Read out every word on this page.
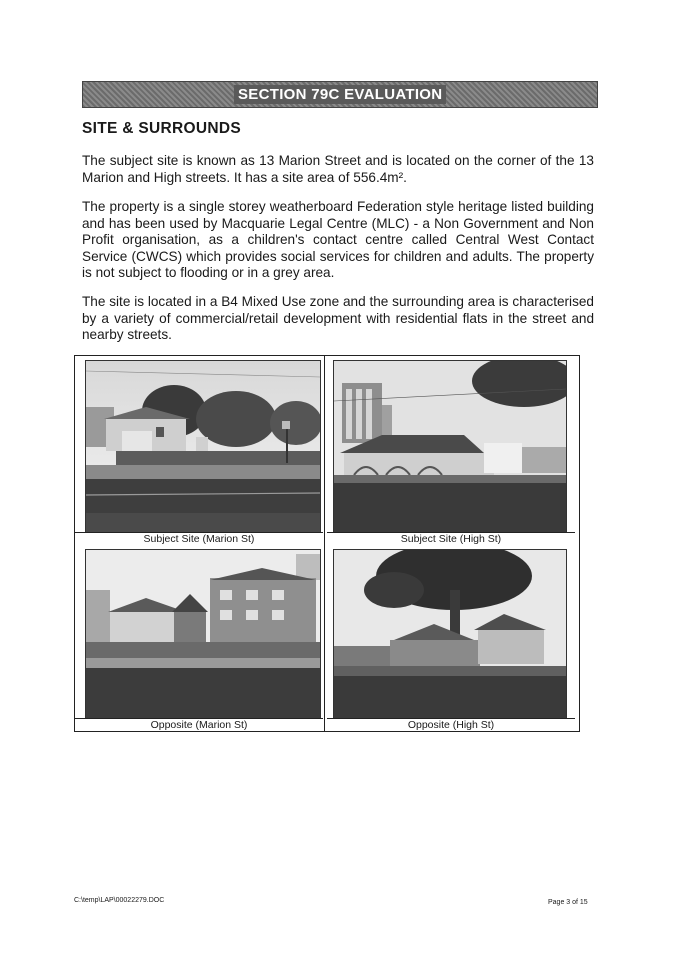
SECTION 79C EVALUATION
SITE & SURROUNDS

The subject site is known as 13 Marion Street and is located on the corner of the 13 Marion and High streets. It has a site area of 556.4m².

The property is a single storey weatherboard Federation style heritage listed building and has been used by Macquarie Legal Centre (MLC) - a Non Government and Non Profit organisation, as a children's contact centre called Central West Contact Service (CWCS) which provides social services for children and adults. The property is not subject to flooding or in a grey area.

The site is located in a B4 Mixed Use zone and the surrounding area is characterised by a variety of commercial/retail development with residential flats in the street and nearby streets.

Subject Site (Marion St)	Subject Site (High St)
Opposite (Marion St)	Opposite (High St)
C:\temp\LAP\00022279.DOC	Page 3 of 15
